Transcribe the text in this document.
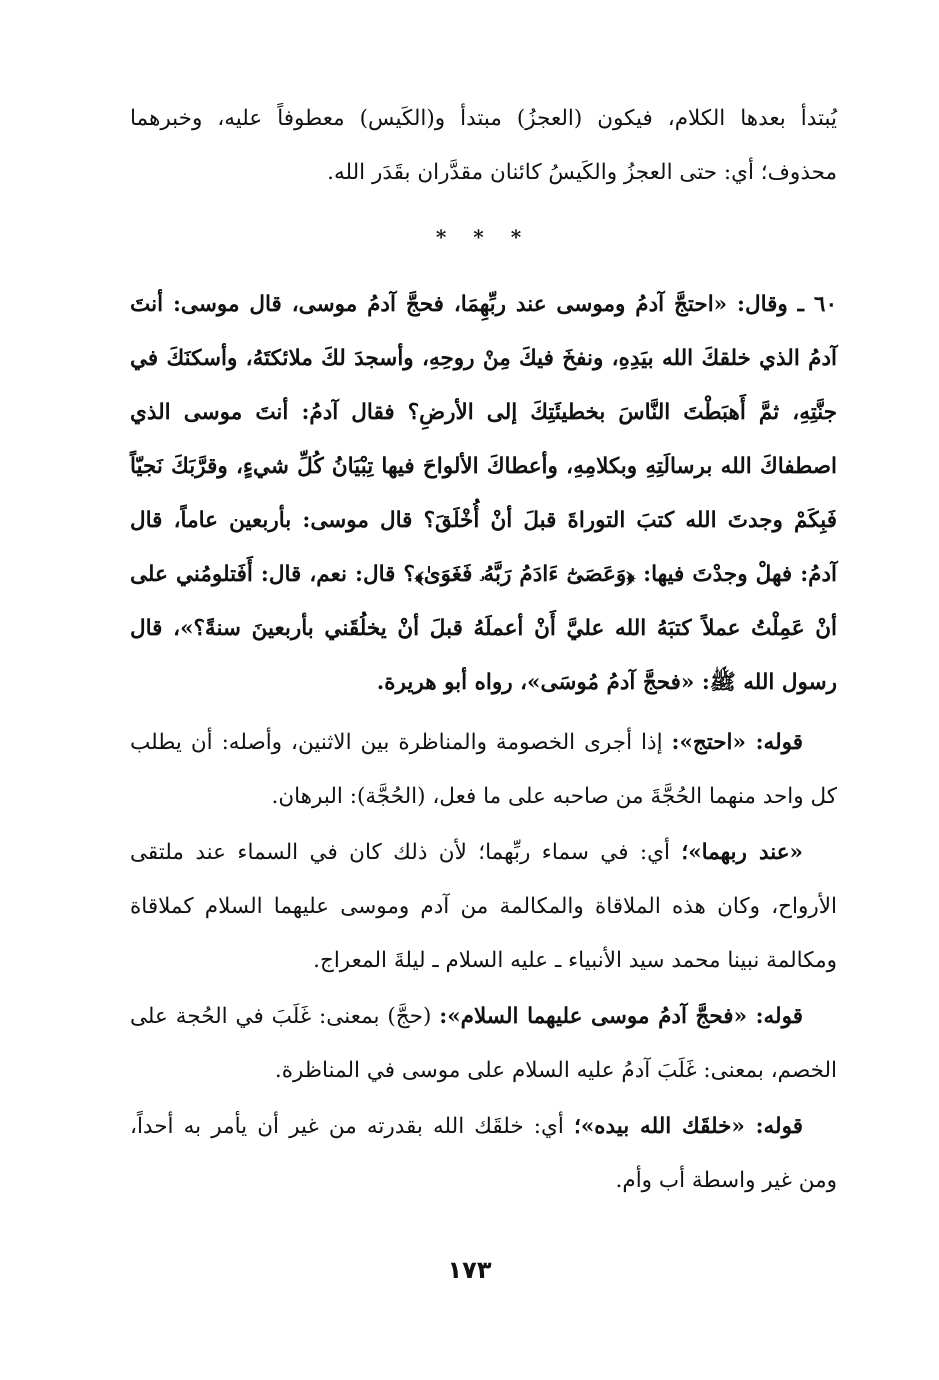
يُبتدأ بعدها الكلام، فيكون (العجزُ) مبتدأ و(الكَيس) معطوفاً عليه، وخبرهما محذوف؛ أي: حتى العجزُ والكَيسُ كائنان مقدَّران بقَدَر الله.

* * *

٦٠ ـ وقال: «احتجَّ آدمُ وموسى عند ربِّهِمَا، فحجَّ آدمُ موسى، قال موسى: أنتَ آدمُ الذي خلقكَ الله بيَدِهِ، ونفخَ فيكَ مِنْ روحِهِ، وأسجدَ لكَ ملائكتَهُ، وأسكنَكَ في جنَّتِهِ، ثمَّ أَهبَطْتَ النَّاسَ بخطيئَتِكَ إلى الأرضِ؟ فقال آدمُ: أنتَ موسى الذي اصطفاكَ الله برسالَتِهِ وبكلامِهِ، وأعطاكَ الألواحَ فيها تِبْيَانُ كُلِّ شيءٍ، وقرَّبَكَ نَجيّاً فَبِكَمْ وجدتَ الله كتبَ التوراةَ قبلَ أنْ أُخْلَقَ؟ قال موسى: بأربعين عاماً، قال آدمُ: فهلْ وجدْتَ فيها: ﴿وَعَصَىٰٓ ءَادَمُ رَبَّهُۥ فَغَوَىٰ﴾؟ قال: نعم، قال: أَفَتلومُني على أنْ عَمِلْتُ عملاً كتبَهُ الله عليَّ أَنْ أعملَهُ قبلَ أنْ يخلُقَني بأربعينَ سنةً؟»، قال رسول الله ﷺ: «فحجَّ آدمُ مُوسَى»، رواه أبو هريرة.

قوله: «احتج»: إذا أجرى الخصومة والمناظرة بين الاثنين، وأصله: أن يطلب كل واحد منهما الحُجَّةَ من صاحبه على ما فعل، (الحُجَّة): البرهان.

«عند ربهما»؛ أي: في سماء ربِّهما؛ لأن ذلك كان في السماء عند ملتقى الأرواح، وكان هذه الملاقاة والمكالمة من آدم وموسى عليهما السلام كملاقاة ومكالمة نبينا محمد سيد الأنبياء ـ عليه السلام ـ ليلةَ المعراج.

قوله: «فحجَّ آدمُ موسى عليهما السلام»: (حجَّ) بمعنى: غَلَبَ في الحُجة على الخصم، بمعنى: غَلَبَ آدمُ عليه السلام على موسى في المناظرة.

قوله: «خلقَك الله بيده»؛ أي: خلقَك الله بقدرته من غير أن يأمر به أحداً، ومن غير واسطة أب وأم.

١٧٣
